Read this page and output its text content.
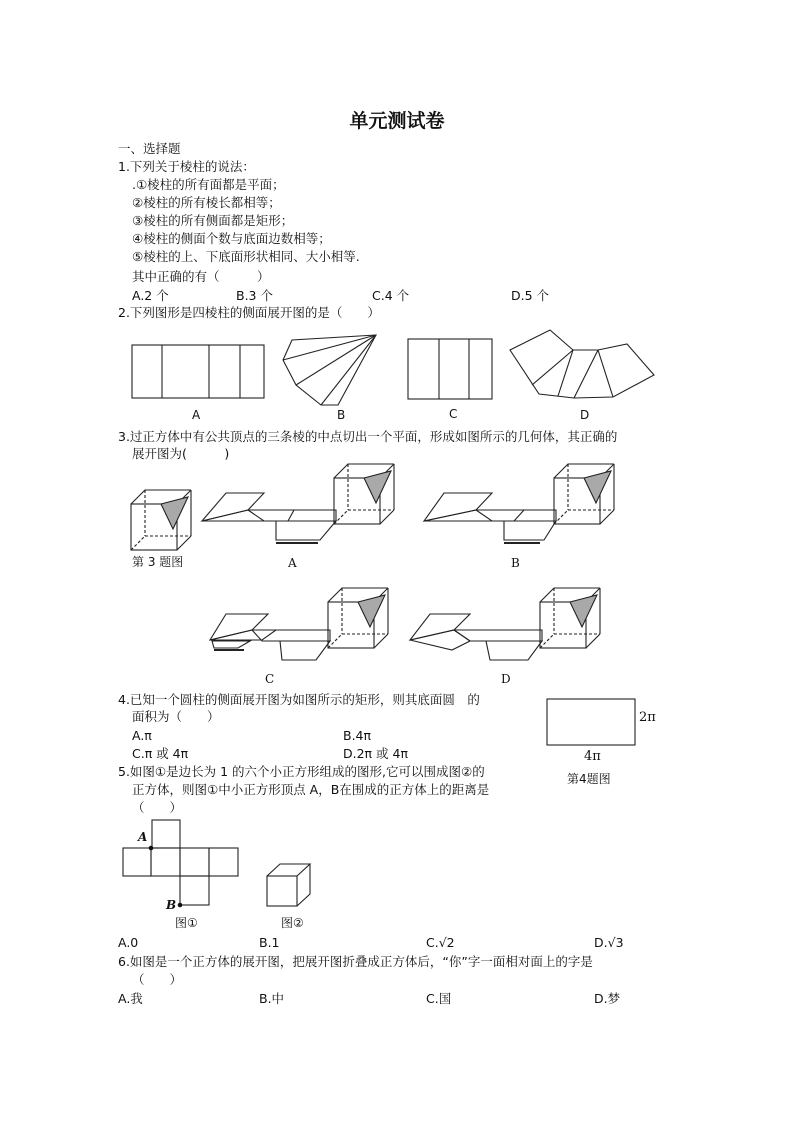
单元测试卷
一、选择题
1.下列关于棱柱的说法：
.①棱柱的所有面都是平面；
②棱柱的所有棱长都相等；
③棱柱的所有侧面都是矩形；
④棱柱的侧面个数与底面边数相等；
⑤棱柱的上、下底面形状相同、大小相等.
其中正确的有（　　　）
A.2 个	B.3 个	C.4 个	D.5 个
2.下列图形是四棱柱的侧面展开图的是（　　）
A	B	C	D
3.过正方体中有公共顶点的三条棱的中点切出一个平面，形成如图所示的几何体，其正确的
展开图为(　　　)
第 3 题图	A	B
C	D
4.已知一个圆柱的侧面展开图为如图所示的矩形，则其底面圆　的
面积为（　　）
A.π	B.4π
C.π 或 4π	D.2π 或 4π
2π
4π
第4题图
5.如图①是边长为 1 的六个小正方形组成的图形,它可以围成图②的
正方体，则图①中小正方形顶点 A，B在围成的正方体上的距离是
（　　）
A
B
图①	图②
A.0	B.1	C.√2	D.√3
6.如图是一个正方体的展开图，把展开图折叠成正方体后，“你”字一面相对面上的字是
（　　）
A.我	B.中	C.国	D.梦
